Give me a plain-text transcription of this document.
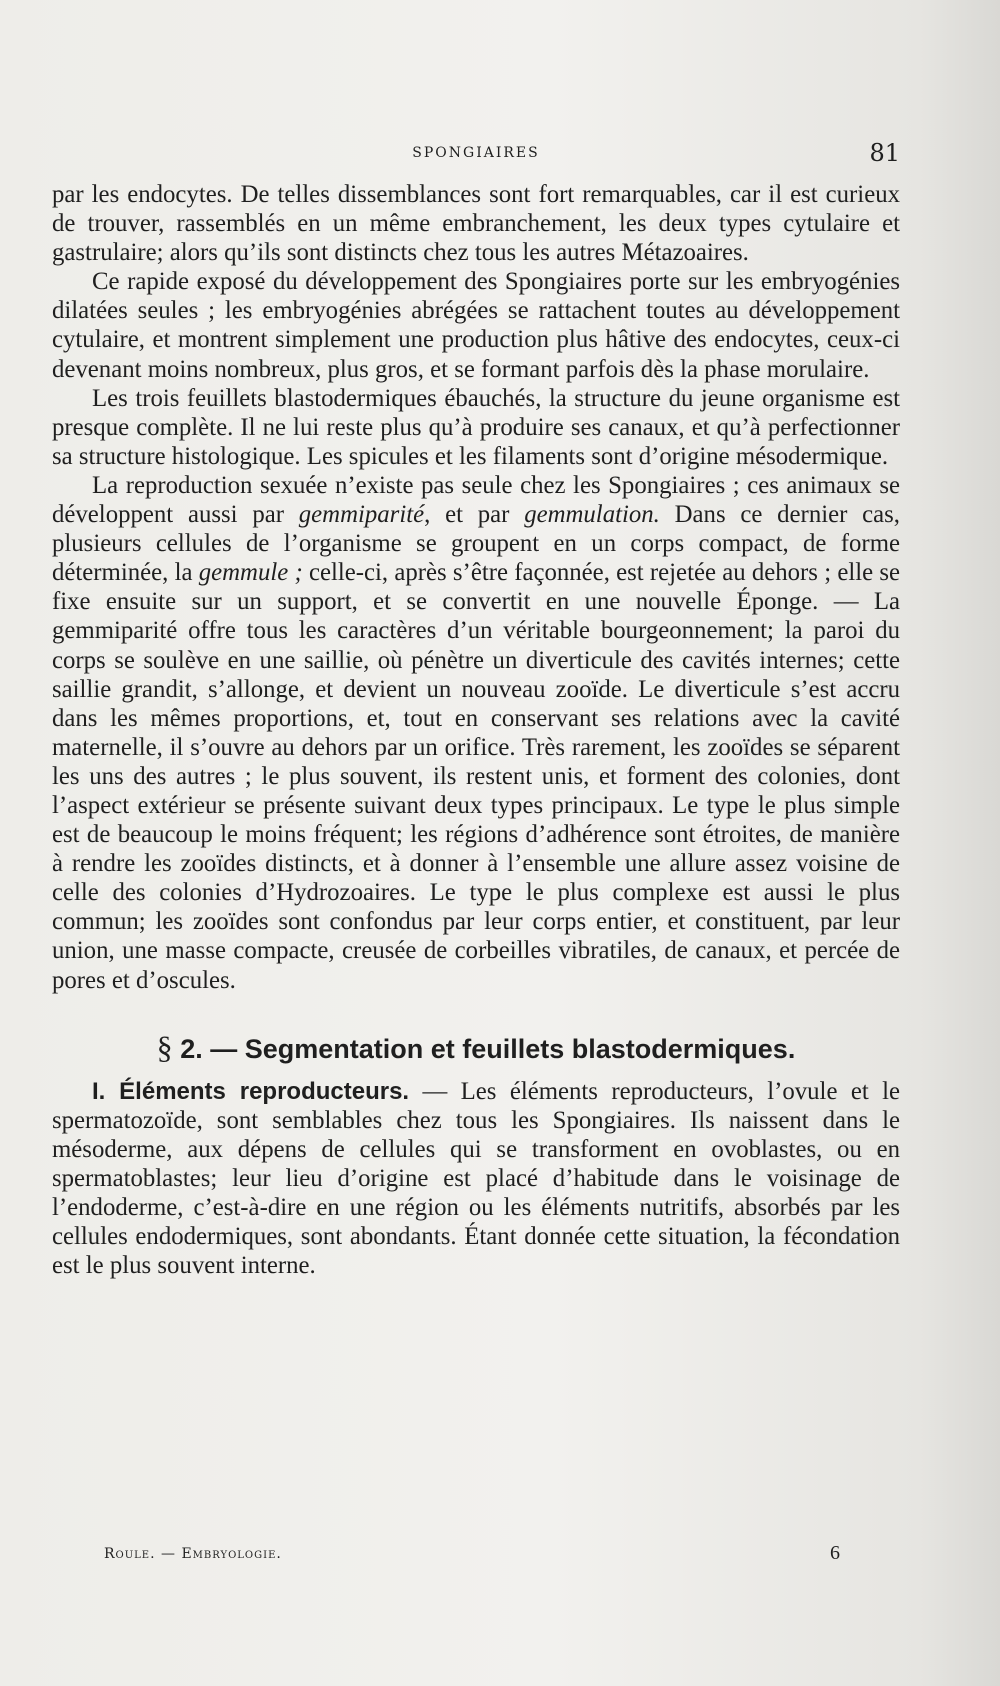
SPONGIAIRES	81

par les endocytes. De telles dissemblances sont fort remarquables, car il est curieux de trouver, rassemblés en un même embranchement, les deux types cytulaire et gastrulaire; alors qu’ils sont distincts chez tous les autres Métazoaires.

Ce rapide exposé du développement des Spongiaires porte sur les embryogénies dilatées seules ; les embryogénies abrégées se rattachent toutes au développement cytulaire, et montrent simplement une production plus hâtive des endocytes, ceux-ci devenant moins nombreux, plus gros, et se formant parfois dès la phase morulaire.

Les trois feuillets blastodermiques ébauchés, la structure du jeune organisme est presque complète. Il ne lui reste plus qu’à produire ses canaux, et qu’à perfectionner sa structure histologique. Les spicules et les filaments sont d’origine mésodermique.

La reproduction sexuée n’existe pas seule chez les Spongiaires ; ces animaux se développent aussi par gemmiparité, et par gemmulation. Dans ce dernier cas, plusieurs cellules de l’organisme se groupent en un corps compact, de forme déterminée, la gemmule ; celle-ci, après s’être façonnée, est rejetée au dehors ; elle se fixe ensuite sur un support, et se convertit en une nouvelle Éponge. — La gemmiparité offre tous les caractères d’un véritable bourgeonnement; la paroi du corps se soulève en une saillie, où pénètre un diverticule des cavités internes; cette saillie grandit, s’allonge, et devient un nouveau zooïde. Le diverticule s’est accru dans les mêmes proportions, et, tout en conservant ses relations avec la cavité maternelle, il s’ouvre au dehors par un orifice. Très rarement, les zooïdes se séparent les uns des autres ; le plus souvent, ils restent unis, et forment des colonies, dont l’aspect extérieur se présente suivant deux types principaux. Le type le plus simple est de beaucoup le moins fréquent; les régions d’adhérence sont étroites, de manière à rendre les zooïdes distincts, et à donner à l’ensemble une allure assez voisine de celle des colonies d’Hydrozoaires. Le type le plus complexe est aussi le plus commun; les zooïdes sont confondus par leur corps entier, et constituent, par leur union, une masse compacte, creusée de corbeilles vibratiles, de canaux, et percée de pores et d’oscules.

§ 2. — Segmentation et feuillets blastodermiques.

I. Éléments reproducteurs. — Les éléments reproducteurs, l’ovule et le spermatozoïde, sont semblables chez tous les Spongiaires. Ils naissent dans le mésoderme, aux dépens de cellules qui se transforment en ovoblastes, ou en spermatoblastes; leur lieu d’origine est placé d’habitude dans le voisinage de l’endoderme, c’est-à-dire en une région ou les éléments nutritifs, absorbés par les cellules endodermiques, sont abondants. Étant donnée cette situation, la fécondation est le plus souvent interne.

Roule. — Embryologie.	6
